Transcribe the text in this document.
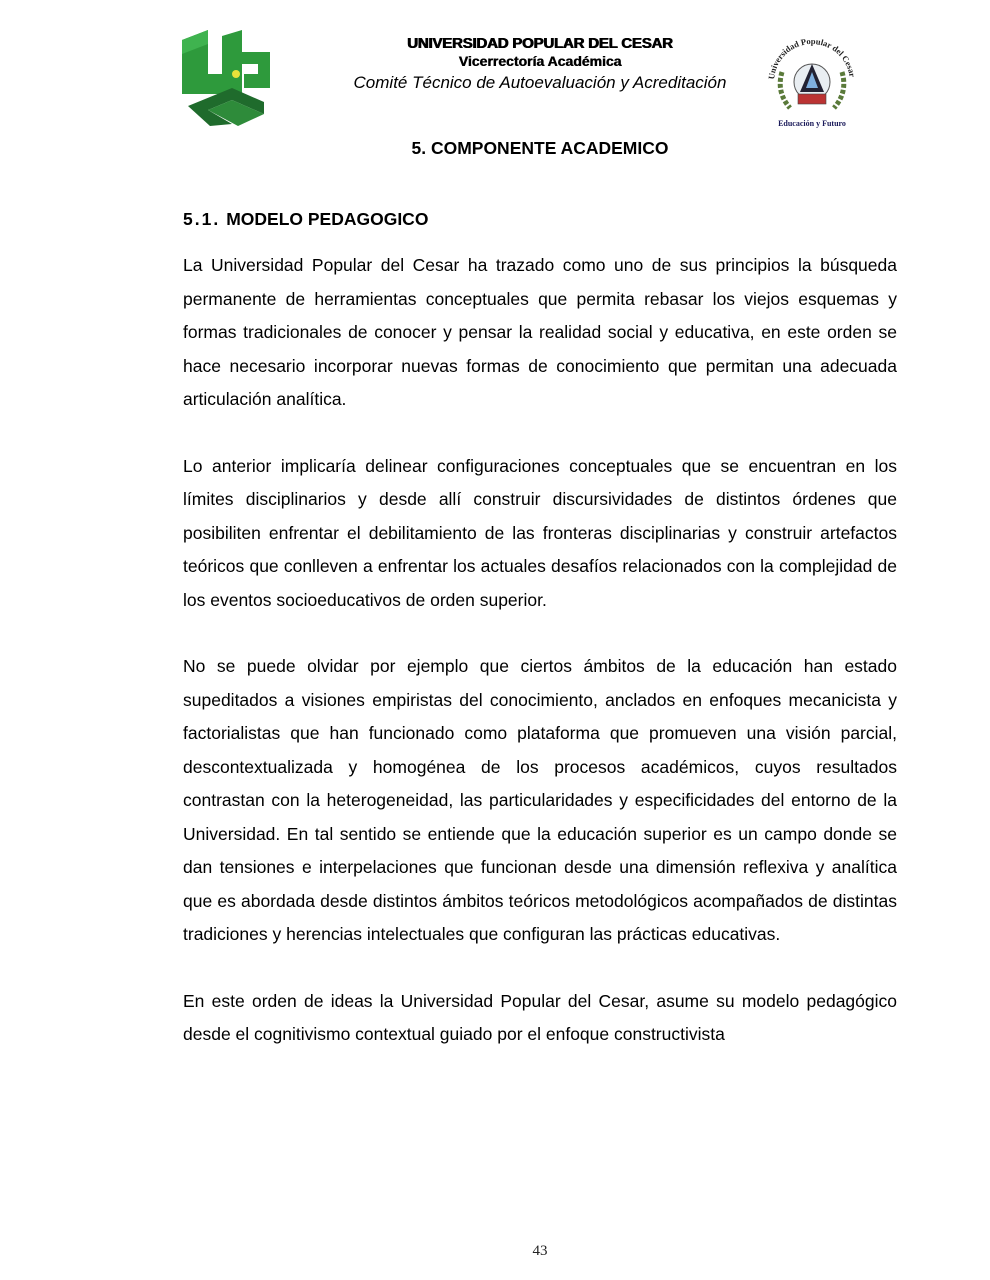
UNIVERSIDAD POPULAR DEL CESAR
Vicerrectoría Académica
Comité Técnico de Autoevaluación y Acreditación	Universidad Popular del Cesar
Educación y Futuro
5. COMPONENTE ACADEMICO
5.1. MODELO PEDAGOGICO

La Universidad Popular del Cesar ha trazado como uno de sus principios la búsqueda permanente de herramientas conceptuales que permita rebasar los viejos esquemas y formas tradicionales de conocer y pensar la realidad social y educativa, en este orden se hace necesario incorporar nuevas formas de conocimiento que permitan una adecuada articulación analítica.

Lo anterior implicaría delinear configuraciones conceptuales que se encuentran en los límites disciplinarios y desde allí construir discursividades de distintos órdenes que posibiliten enfrentar el debilitamiento de las fronteras disciplinarias y construir artefactos teóricos que conlleven a enfrentar los actuales desafíos relacionados con la complejidad de los eventos socioeducativos de orden superior.

No se puede olvidar por ejemplo que ciertos ámbitos de la educación han estado supeditados a visiones empiristas del conocimiento, anclados en enfoques mecanicista y factorialistas que han funcionado como plataforma que promueven una visión parcial, descontextualizada y homogénea de los procesos académicos, cuyos resultados contrastan con la heterogeneidad, las particularidades y especificidades del entorno de la Universidad. En tal sentido se entiende que la educación superior es un campo donde se dan tensiones e interpelaciones que funcionan desde una dimensión reflexiva y analítica que es abordada desde distintos ámbitos teóricos metodológicos acompañados de distintas tradiciones y herencias intelectuales que configuran las prácticas educativas.

En este orden de ideas la Universidad Popular del Cesar, asume su modelo pedagógico desde el cognitivismo contextual guiado por el enfoque constructivista

43
